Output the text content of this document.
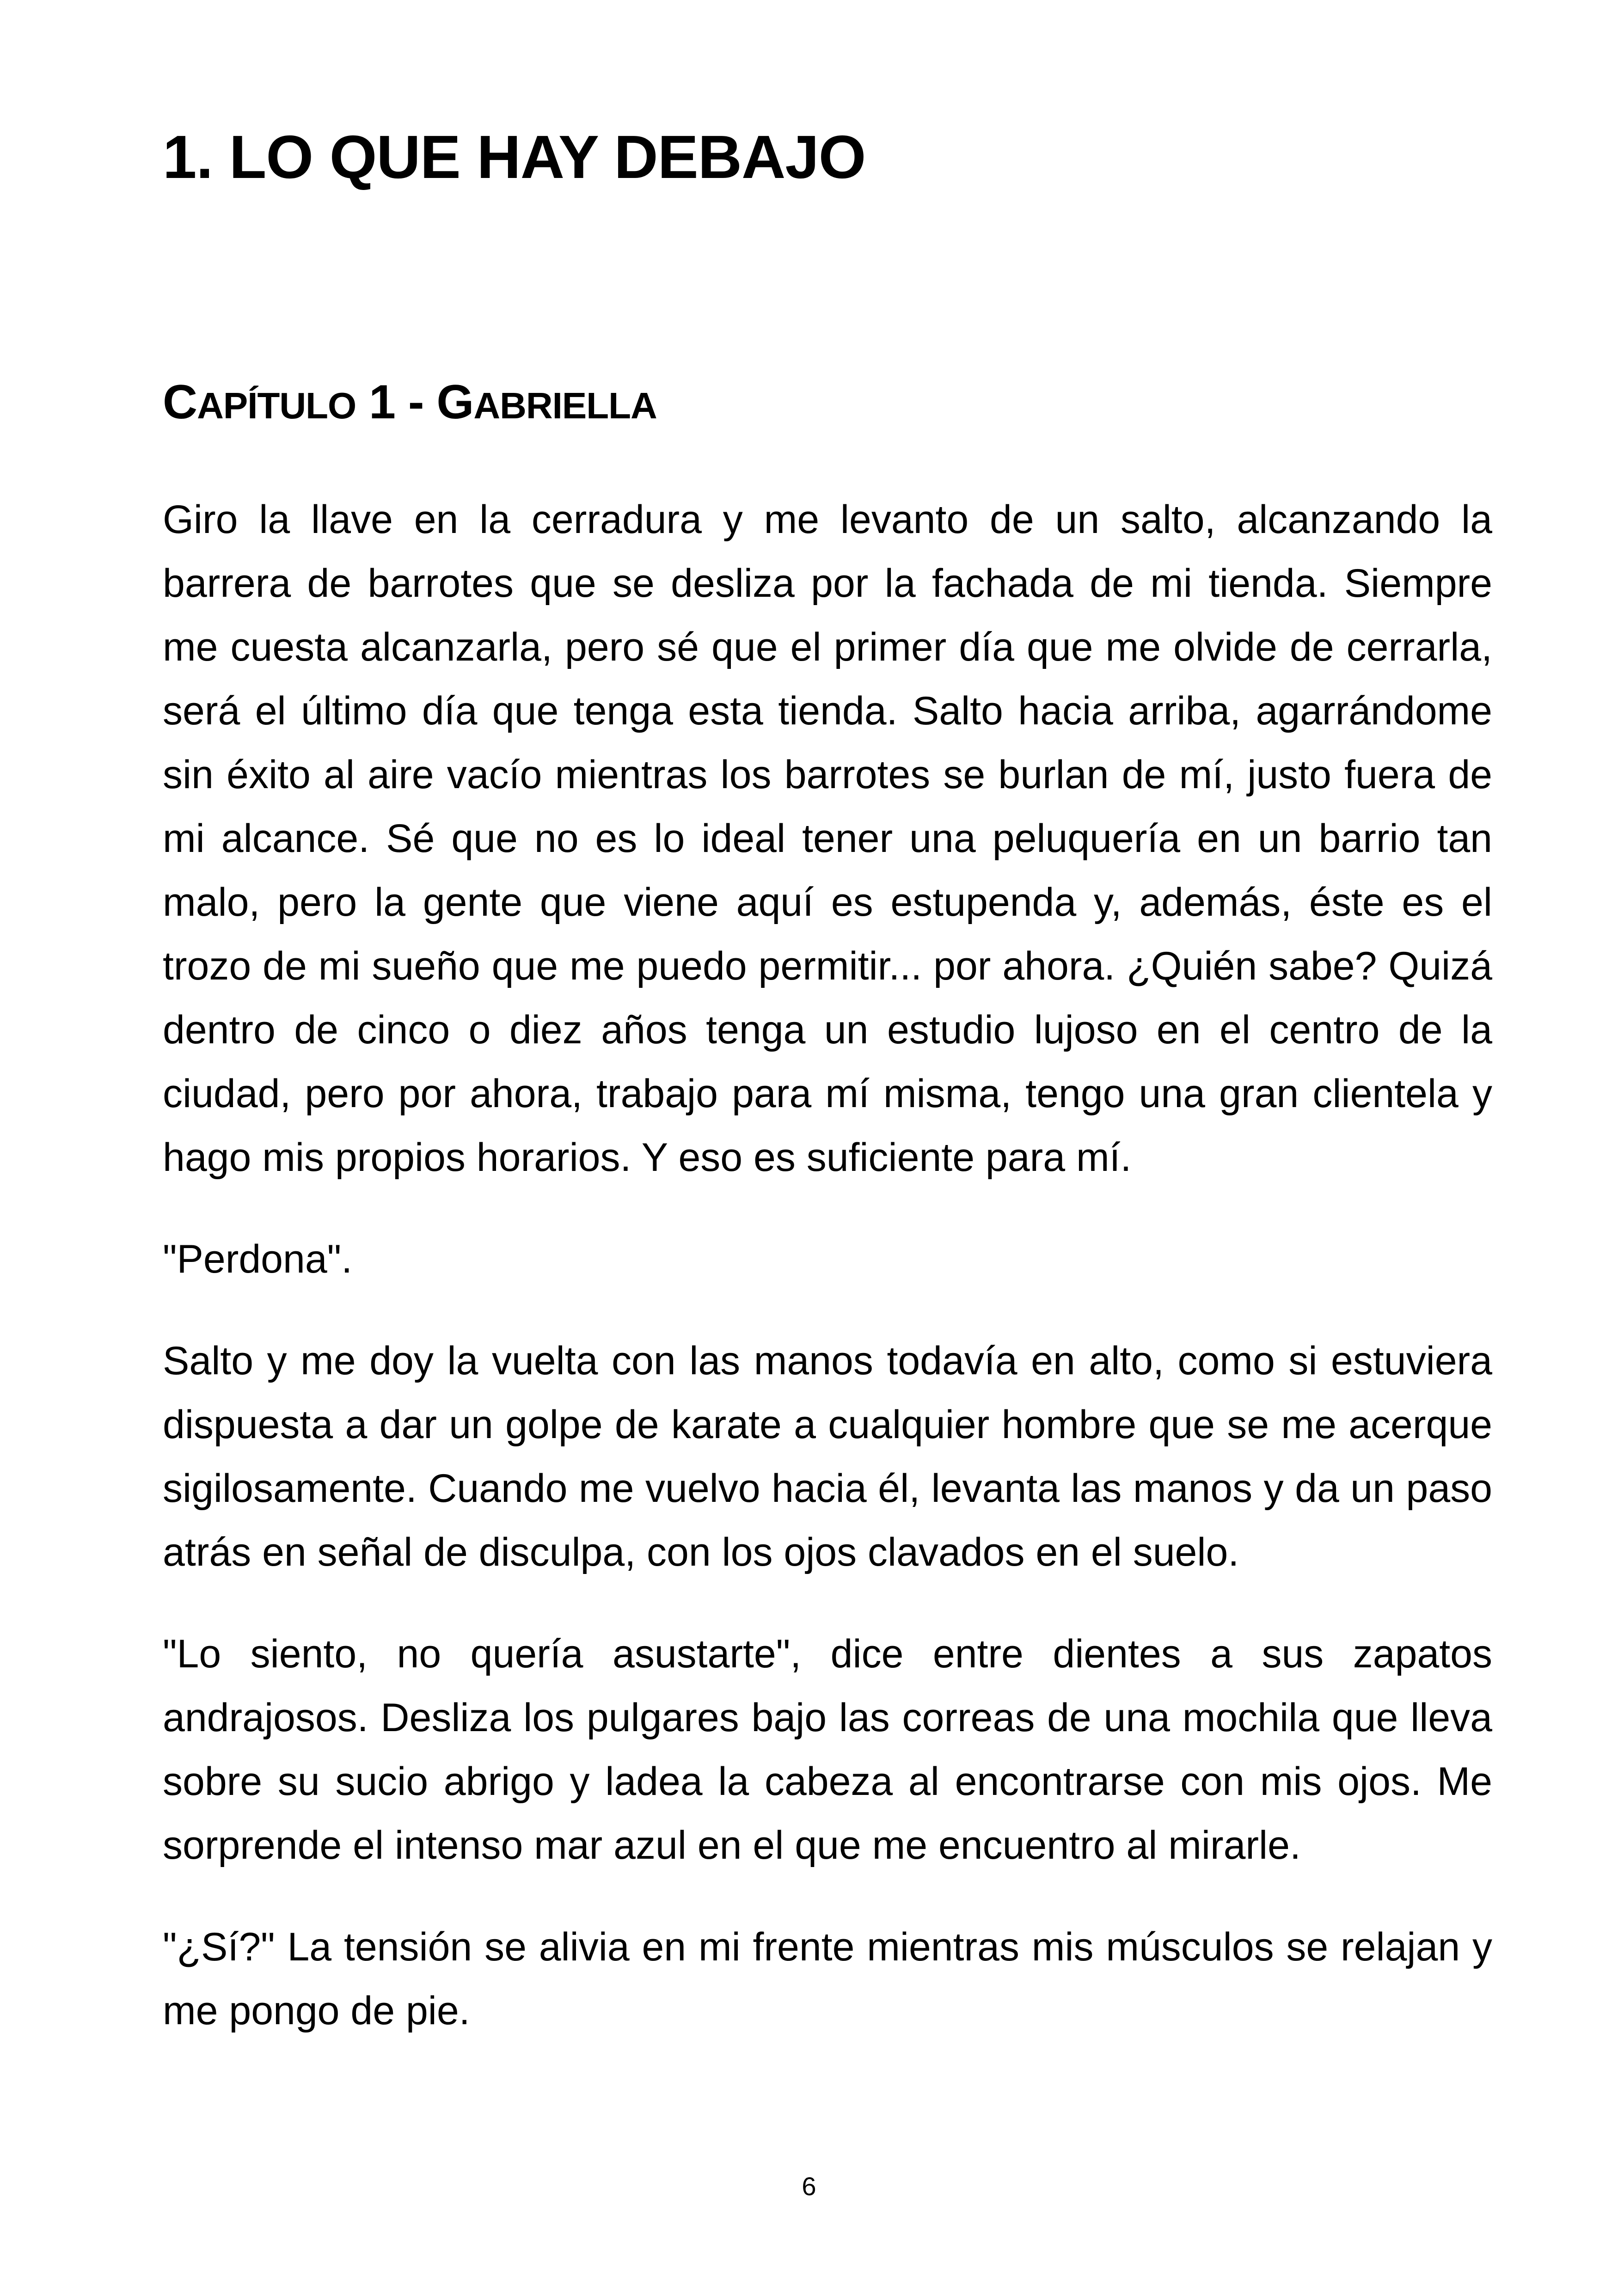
1. LO QUE HAY DEBAJO
CAPÍTULO 1 - GABRIELLA

Giro la llave en la cerradura y me levanto de un salto, alcanzando la barrera de barrotes que se desliza por la fachada de mi tienda. Siempre me cuesta alcanzarla, pero sé que el primer día que me olvide de cerrarla, será el último día que tenga esta tienda. Salto hacia arriba, agarrándome sin éxito al aire vacío mientras los barrotes se burlan de mí, justo fuera de mi alcance. Sé que no es lo ideal tener una peluquería en un barrio tan malo, pero la gente que viene aquí es estupenda y, además, éste es el trozo de mi sueño que me puedo permitir... por ahora. ¿Quién sabe? Quizá dentro de cinco o diez años tenga un estudio lujoso en el centro de la ciudad, pero por ahora, trabajo para mí misma, tengo una gran clientela y hago mis propios horarios. Y eso es suficiente para mí.

"Perdona".

Salto y me doy la vuelta con las manos todavía en alto, como si estuviera dispuesta a dar un golpe de karate a cualquier hombre que se me acerque sigilosamente. Cuando me vuelvo hacia él, levanta las manos y da un paso atrás en señal de disculpa, con los ojos clavados en el suelo.

"Lo siento, no quería asustarte", dice entre dientes a sus zapatos andrajosos. Desliza los pulgares bajo las correas de una mochila que lleva sobre su sucio abrigo y ladea la cabeza al encontrarse con mis ojos. Me sorprende el intenso mar azul en el que me encuentro al mirarle.

"¿Sí?" La tensión se alivia en mi frente mientras mis músculos se relajan y me pongo de pie.

6
